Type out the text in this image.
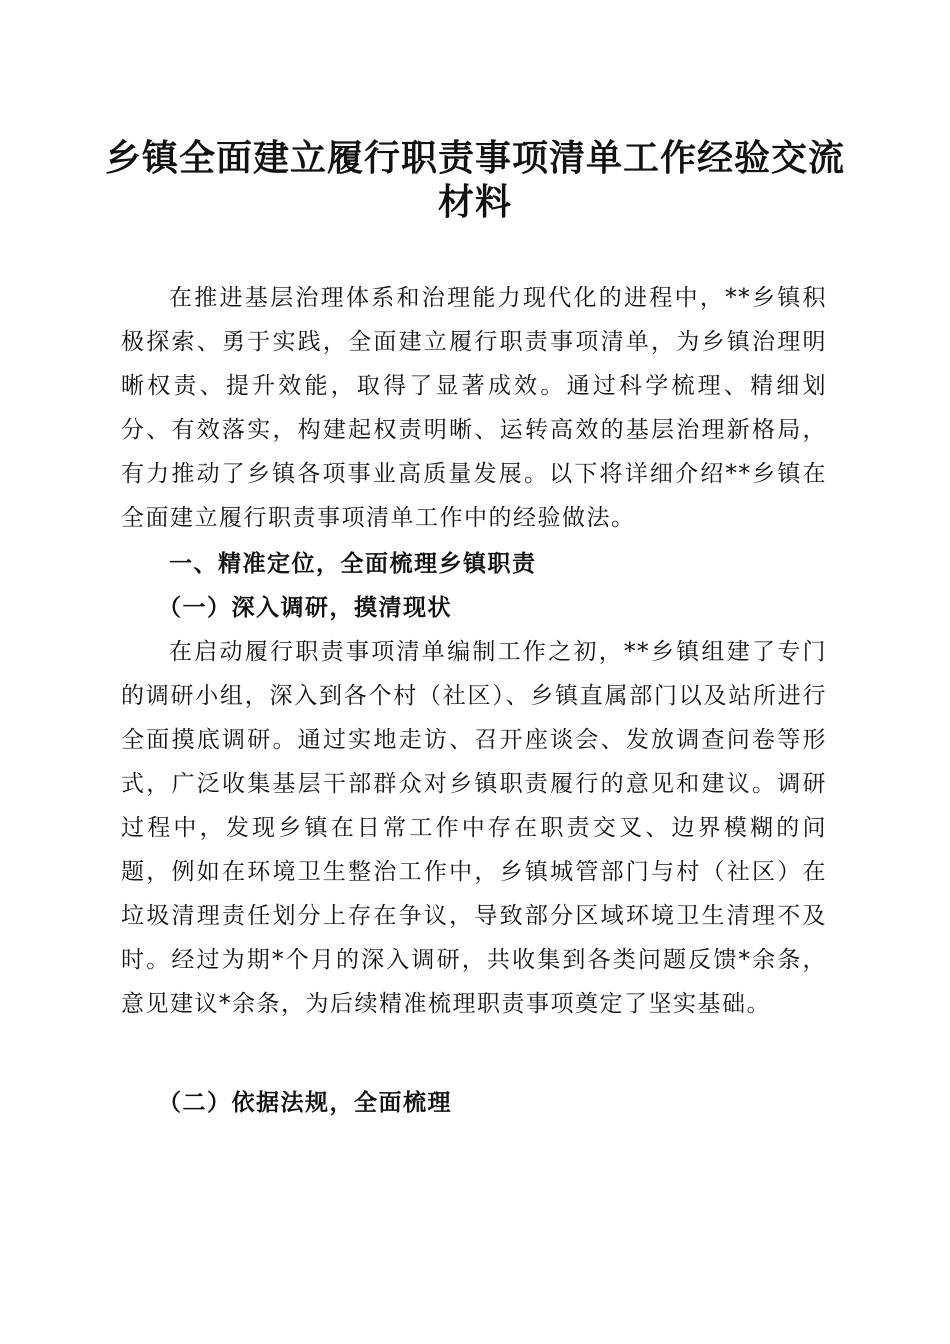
乡镇全面建立履行职责事项清单工作经验交流
材料

在推进基层治理体系和治理能力现代化的进程中，**乡镇积极探索、勇于实践，全面建立履行职责事项清单，为乡镇治理明晰权责、提升效能，取得了显著成效。通过科学梳理、精细划分、有效落实，构建起权责明晰、运转高效的基层治理新格局，有力推动了乡镇各项事业高质量发展。以下将详细介绍**乡镇在全面建立履行职责事项清单工作中的经验做法。

一、精准定位，全面梳理乡镇职责

（一）深入调研，摸清现状

在启动履行职责事项清单编制工作之初，**乡镇组建了专门的调研小组，深入到各个村（社区）、乡镇直属部门以及站所进行全面摸底调研。通过实地走访、召开座谈会、发放调查问卷等形式，广泛收集基层干部群众对乡镇职责履行的意见和建议。调研过程中，发现乡镇在日常工作中存在职责交叉、边界模糊的问题，例如在环境卫生整治工作中，乡镇城管部门与村（社区）在垃圾清理责任划分上存在争议，导致部分区域环境卫生清理不及时。经过为期*个月的深入调研，共收集到各类问题反馈*余条，意见建议*余条，为后续精准梳理职责事项奠定了坚实基础。

（二）依据法规，全面梳理
